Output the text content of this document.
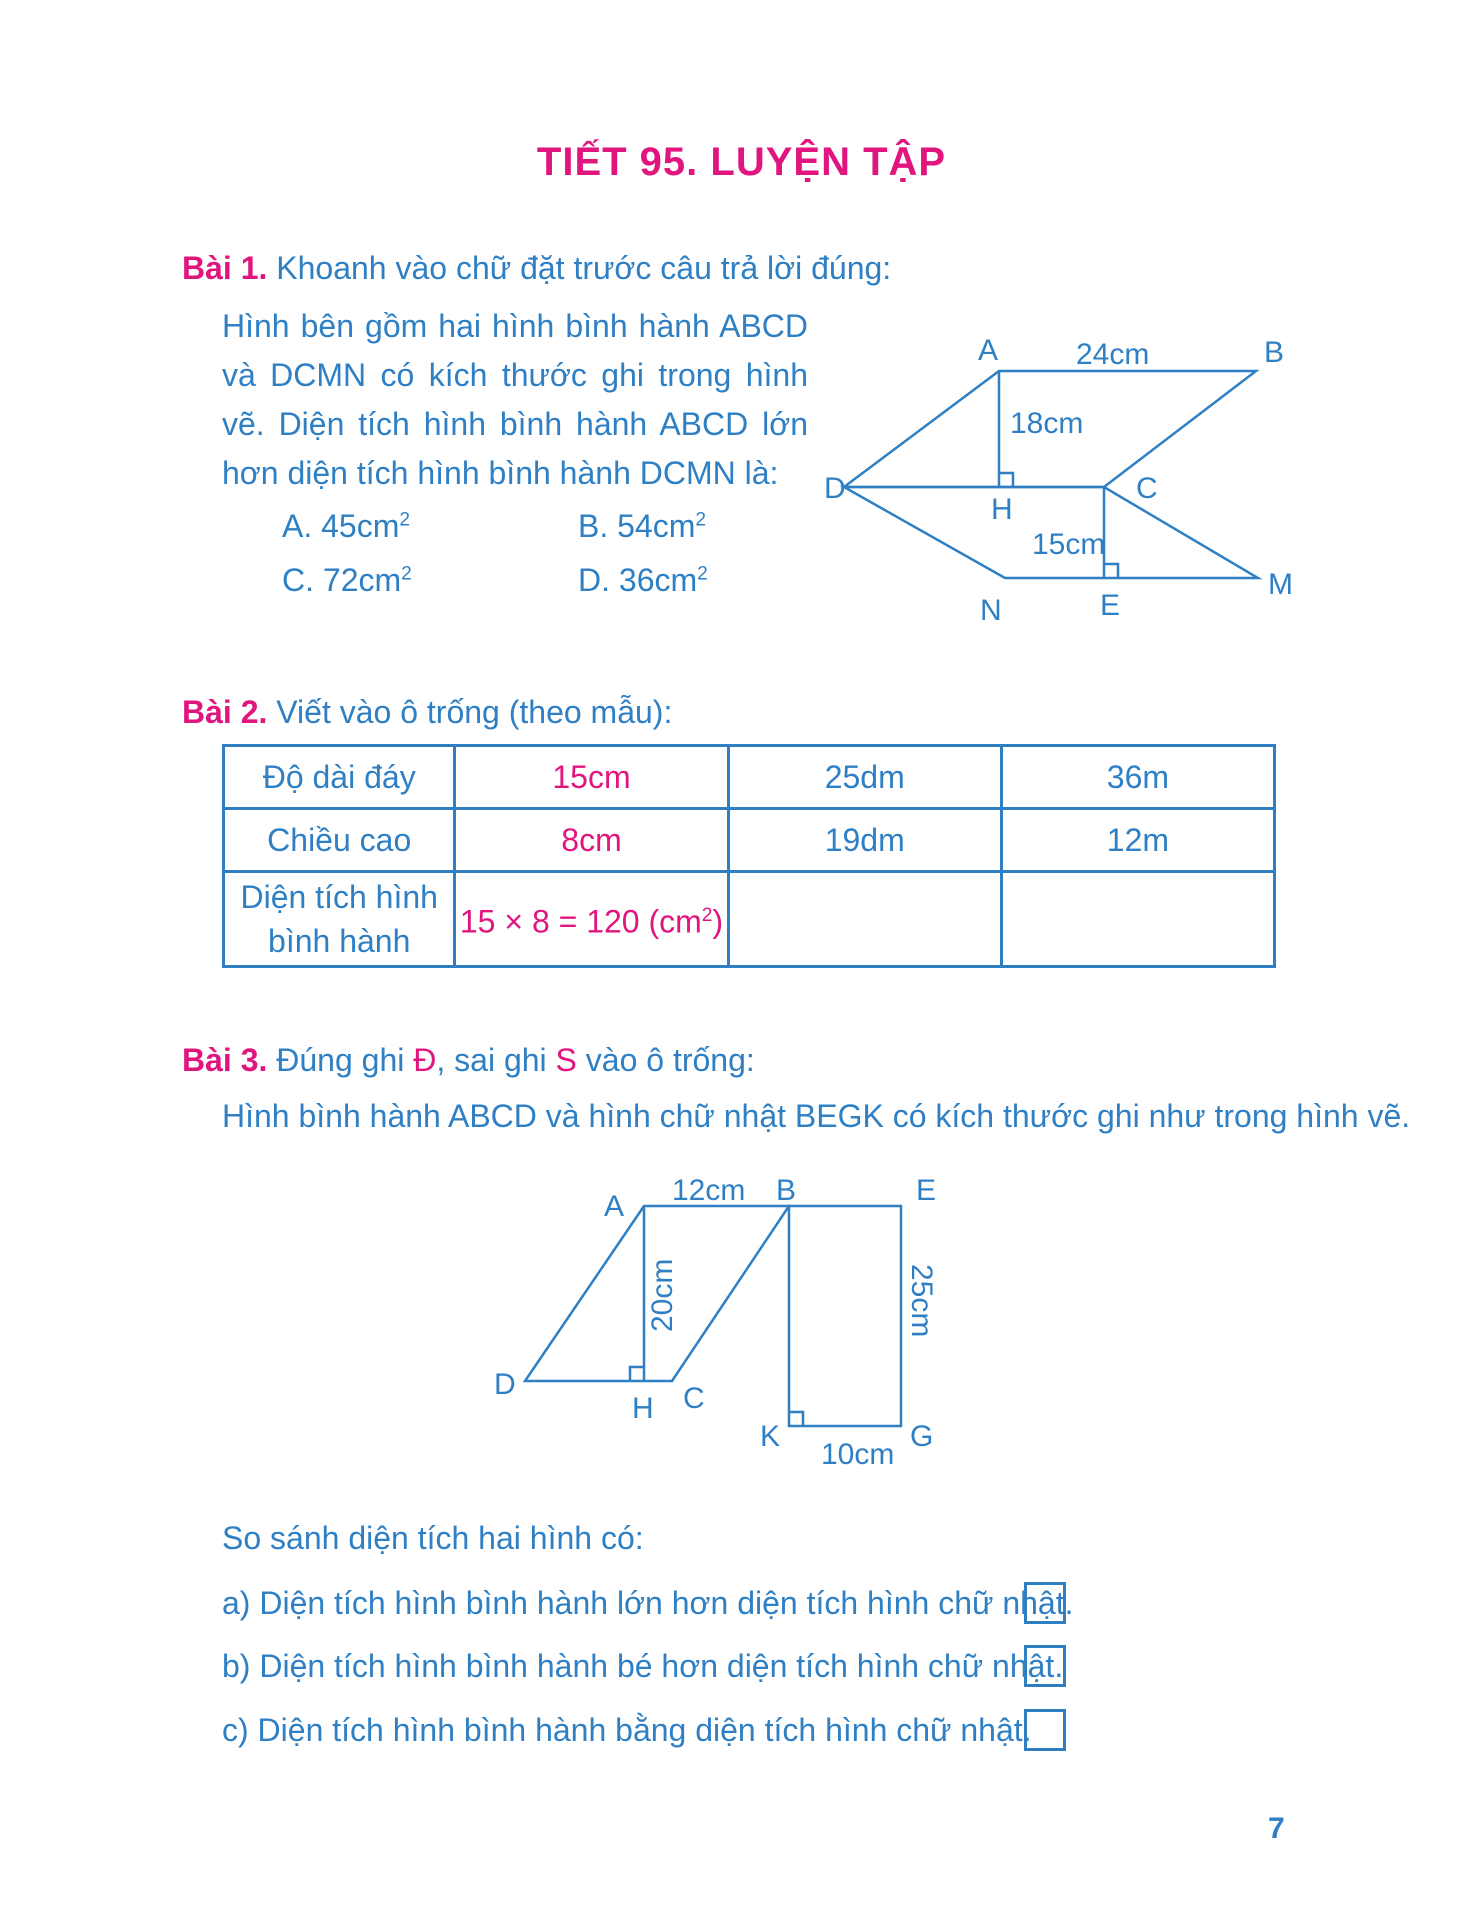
TIẾT 95. LUYỆN TẬP
Bài 1. Khoanh vào chữ đặt trước câu trả lời đúng:
Hình bên gồm hai hình bình hành ABCD và DCMN có kích thước ghi trong hình vẽ. Diện tích hình bình hành ABCD lớn hơn diện tích hình bình hành DCMN là:
A. $45cm^2$	B. $54cm^2$
C. $72cm^2$	D. $36cm^2$
A	B
C
D
H
E
M
N
24cm
18cm
15cm
A	B	E
D
H C
K	G
12cm
10cm
20cm	25cm
Bài 2. Viết vào ô trống (theo mẫu):
Độ dài đáy	15cm	25dm	36m
Chiều cao	8cm	19dm	12m
Diện tích hình
bình hành	15 × 8 = 120 $(cm^2)$		
Bài 3. Đúng ghi Đ, sai ghi S vào ô trống:
Hình bình hành ABCD và hình chữ nhật BEGK có kích thước ghi như trong hình vẽ.
So sánh diện tích hai hình có:
a) Diện tích hình bình hành lớn hơn diện tích hình chữ nhật.
b) Diện tích hình bình hành bé hơn diện tích hình chữ nhật.
c) Diện tích hình bình hành bằng diện tích hình chữ nhật.
7
